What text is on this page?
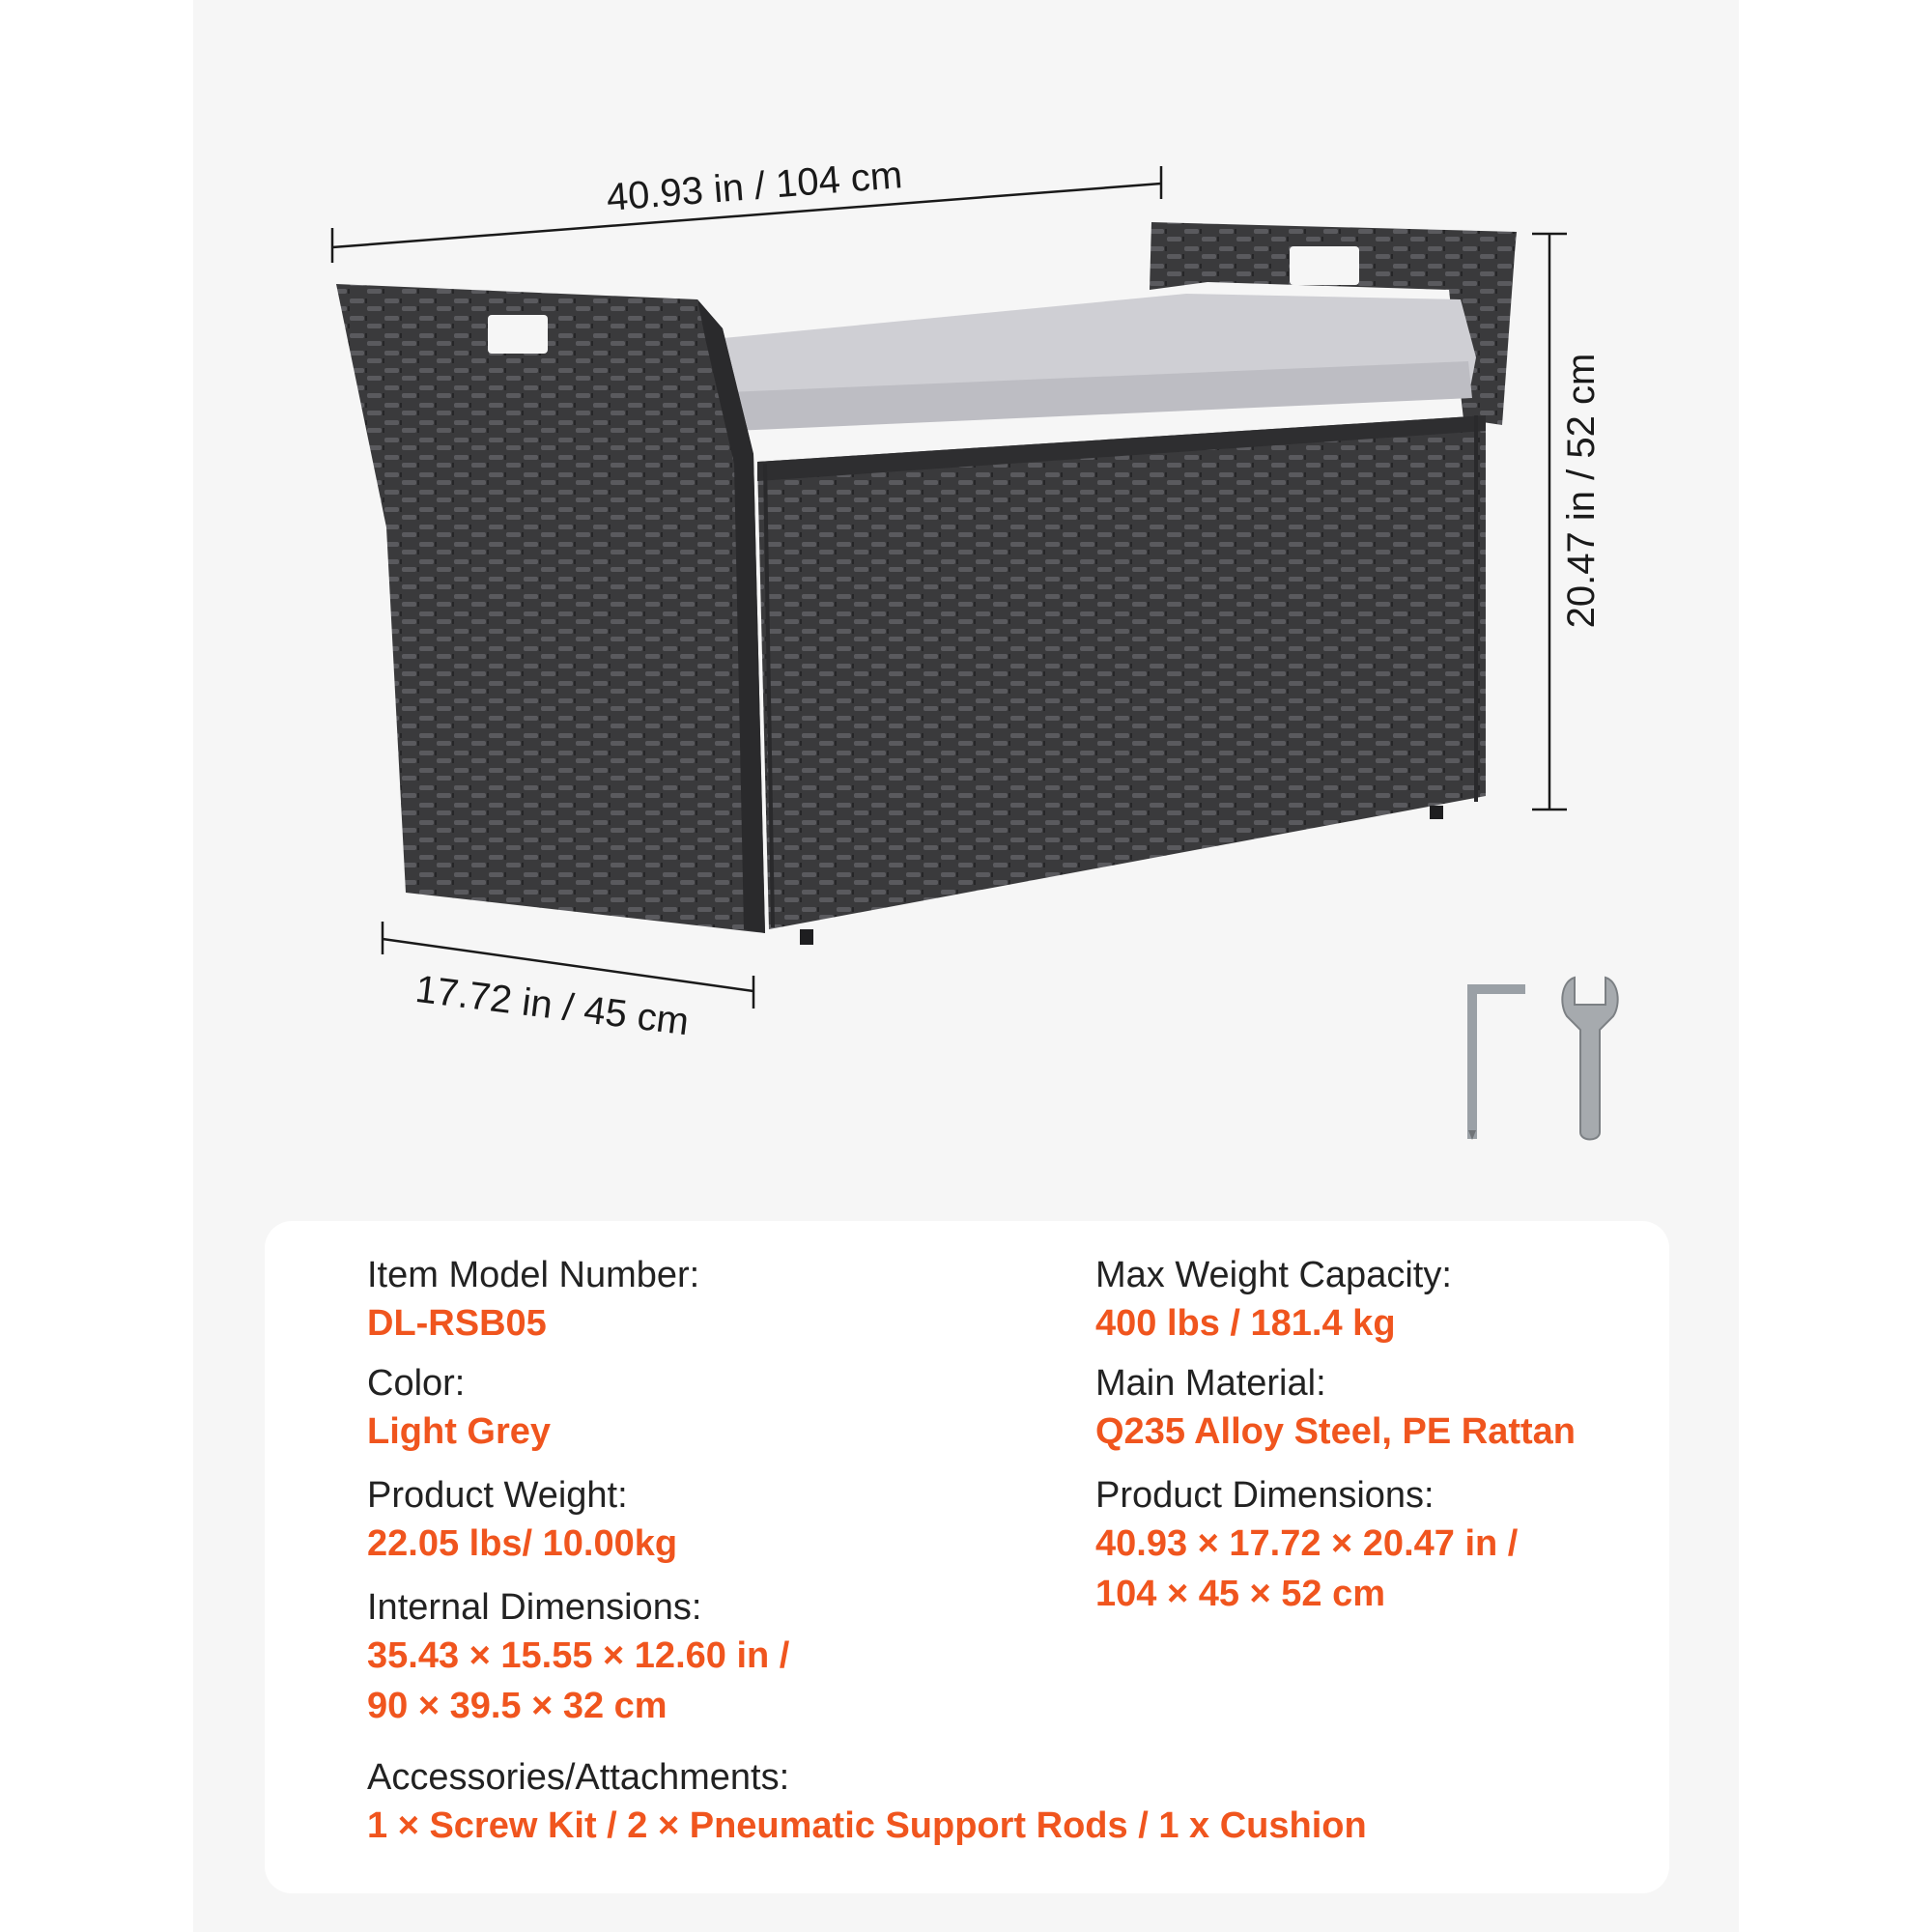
40.93 in / 104 cm
20.47 in / 52 cm
17.72 in / 45 cm
Item Model Number:
DL-RSB05
Color:
Light Grey
Product Weight:
22.05 lbs/ 10.00kg
Internal Dimensions:
35.43 × 15.55 × 12.60 in /
90 × 39.5 × 32 cm
Accessories/Attachments:
1 × Screw Kit / 2 × Pneumatic Support Rods / 1 x Cushion
Max Weight Capacity:
400 lbs / 181.4 kg
Main Material:
Q235 Alloy Steel, PE Rattan
Product Dimensions:
40.93 × 17.72 × 20.47 in /
104 × 45 × 52 cm
